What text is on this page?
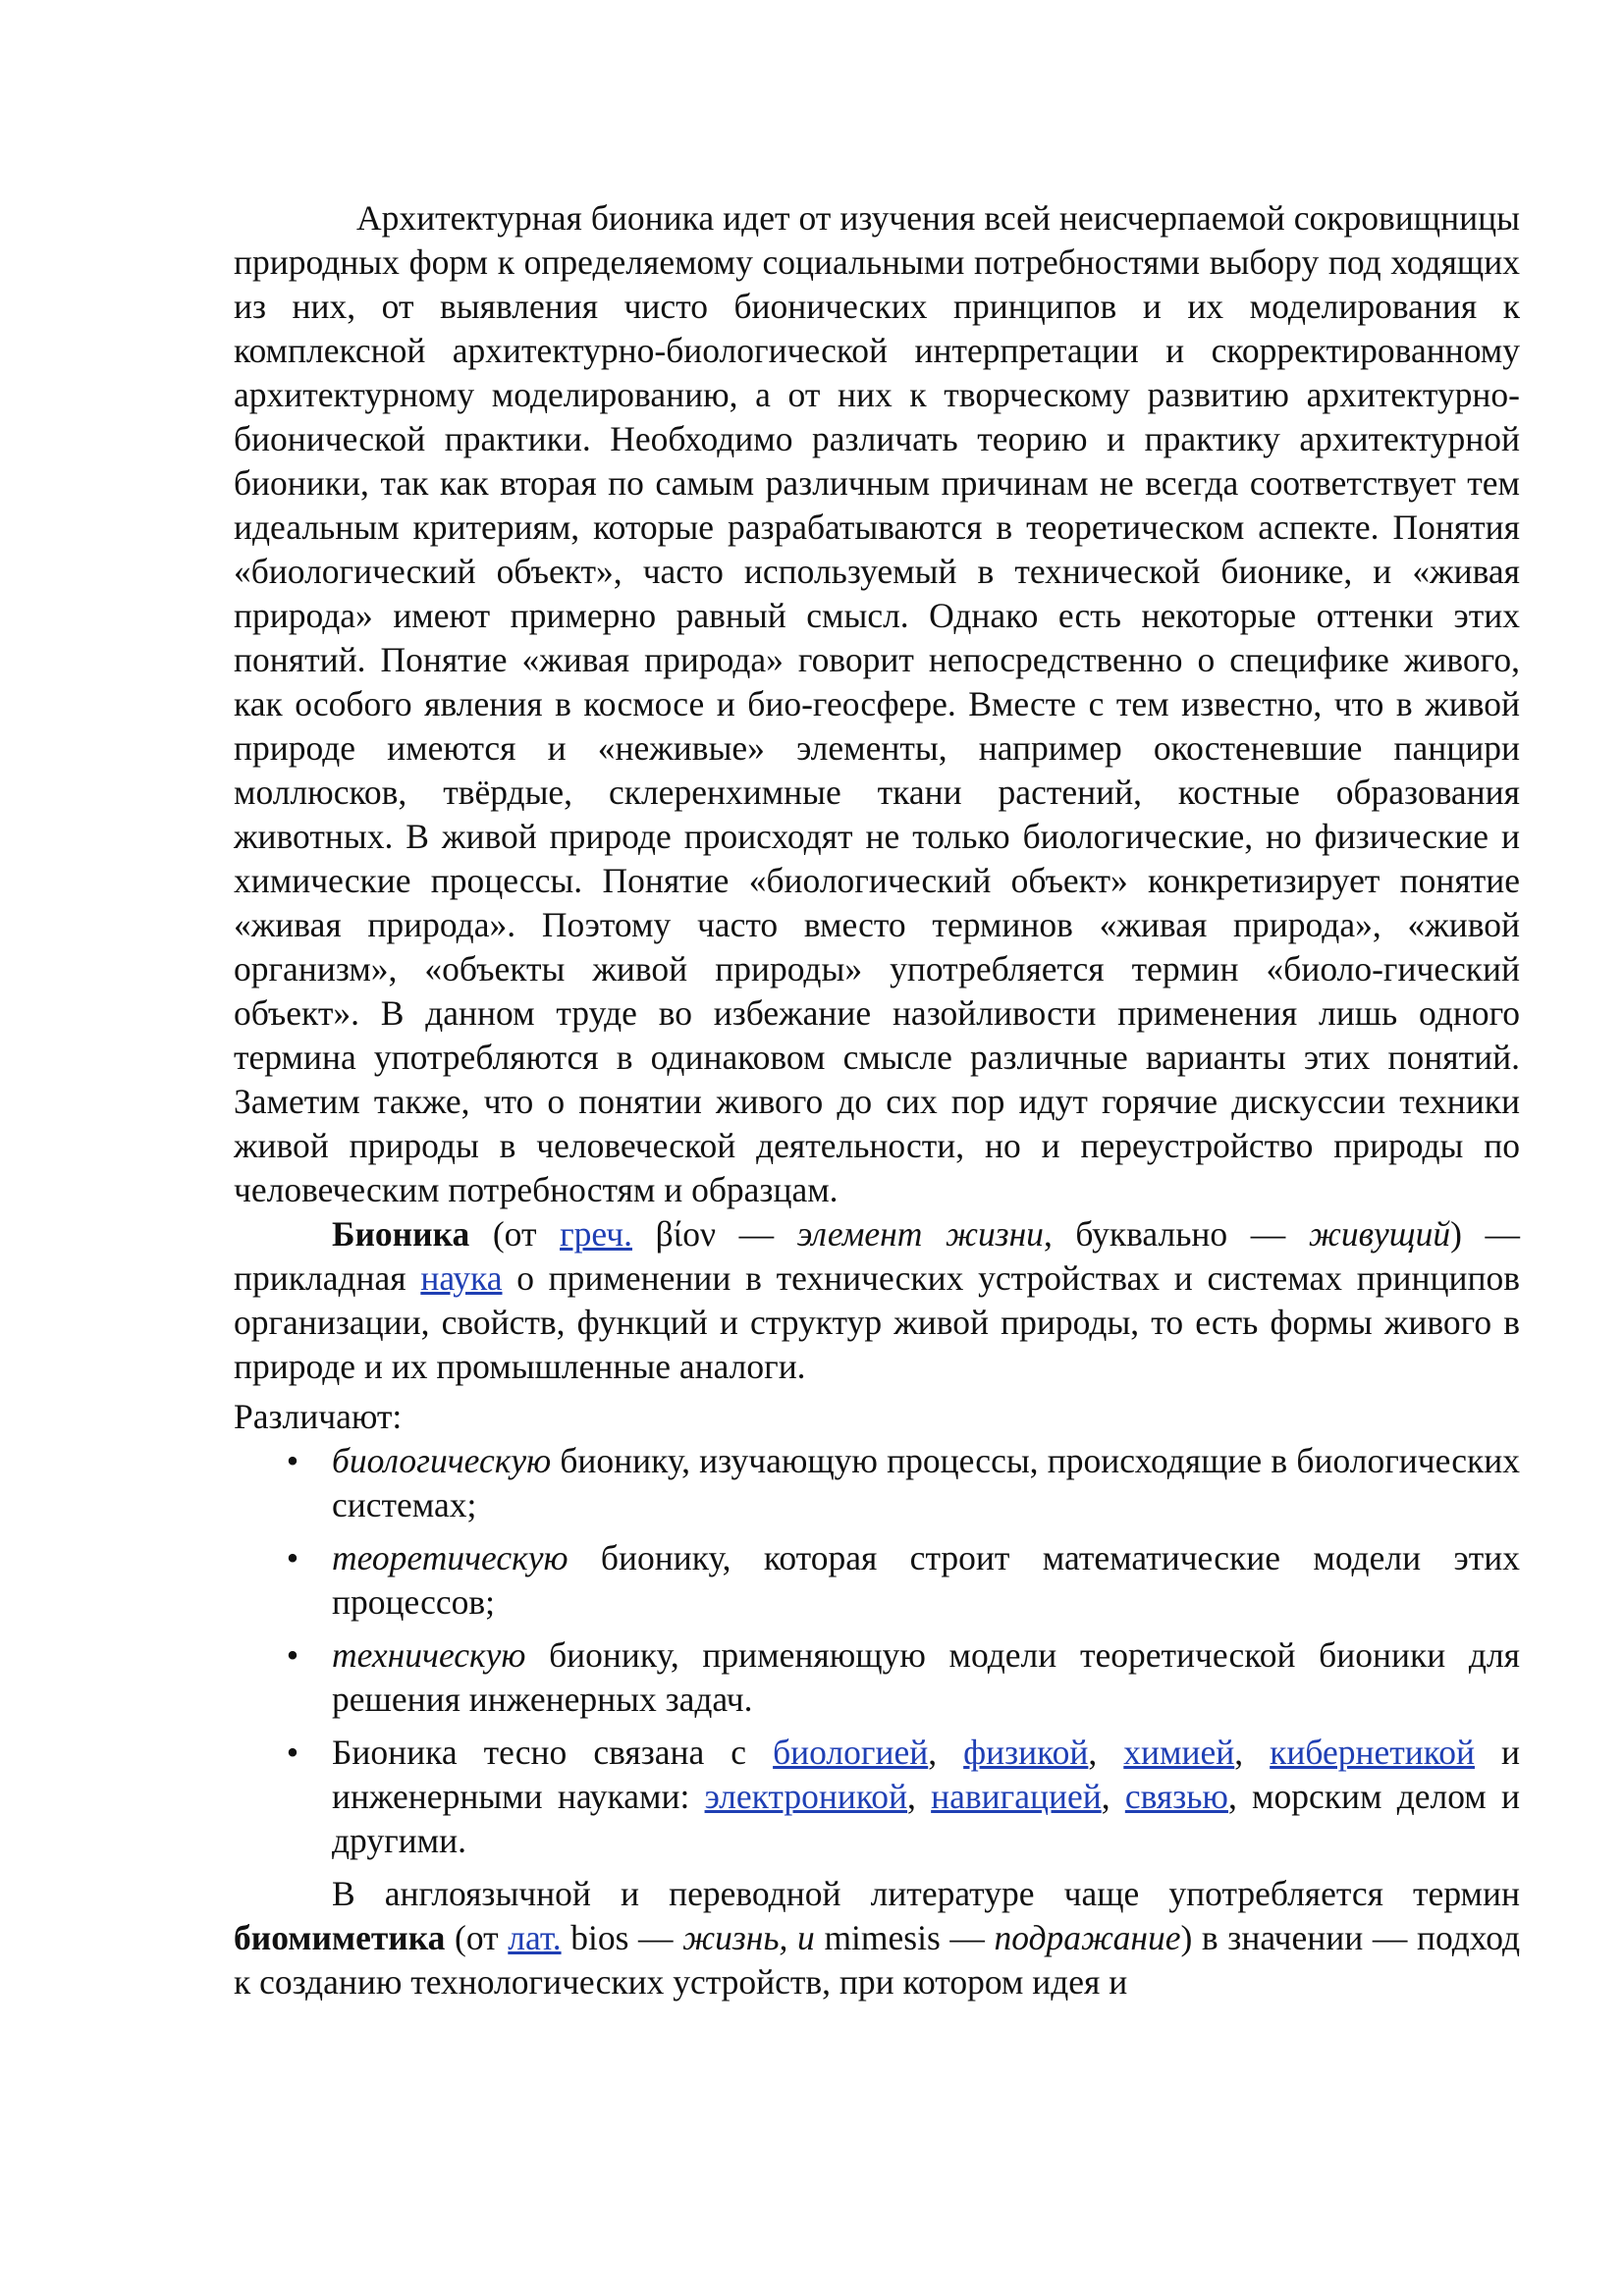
Архитектурная бионика идет от изучения всей неисчерпаемой сокровищницы природных форм к определяемому социальными потребностями выбору под ходящих из них, от выявления чисто бионических принципов и их моделирования к комплексной архитектурно-биологической интерпретации и скорректированному архитектурному моделированию, а от них к творческому развитию архитектурно-бионической практики. Необходимо различать теорию и практику архитектурной бионики, так как вторая по самым различным причинам не всегда соответствует тем идеальным критериям, которые разрабатываются в теоретическом аспекте. Понятия «биологический объект», часто используемый в технической бионике, и «живая природа» имеют примерно равный смысл. Однако есть некоторые оттенки этих понятий. Понятие «живая природа» говорит непосредственно о специфике живого, как особого явления в космосе и био-геосфере. Вместе с тем известно, что в живой природе имеются и «неживые» элементы, например окостеневшие панцири моллюсков, твёрдые, склеренхимные ткани растений, костные образования животных. В живой природе происходят не только биологические, но физические и химические процессы. Понятие «биологический объект» конкретизирует понятие «живая природа». Поэтому часто вместо терминов «живая природа», «живой организм», «объекты живой природы» употребляется термин «биоло-гический объект». В данном труде во избежание назойливости применения лишь одного термина употребляются в одинаковом смысле различные варианты этих понятий. Заметим также, что о понятии живого до сих пор идут горячие дискуссии техники живой природы в человеческой деятельности, но и переустройство природы по человеческим потребностям и образцам.

Бионика (от греч. βίον — элемент жизни, буквально — живущий) — прикладная наука о применении в технических устройствах и системах принципов организации, свойств, функций и структур живой природы, то есть формы живого в природе и их промышленные аналоги.

Различают:

• биологическую бионику, изучающую процессы, происходящие в биологических системах;
• теоретическую бионику, которая строит математические модели этих процессов;
• техническую бионику, применяющую модели теоретической бионики для решения инженерных задач.
• Бионика тесно связана с биологией, физикой, химией, кибернетикой и инженерными науками: электроникой, навигацией, связью, морским делом и другими.

В англоязычной и переводной литературе чаще употребляется термин биомиметика (от лат. bios — жизнь, и mimesis — подражание) в значении — подход к созданию технологических устройств, при котором идея и
